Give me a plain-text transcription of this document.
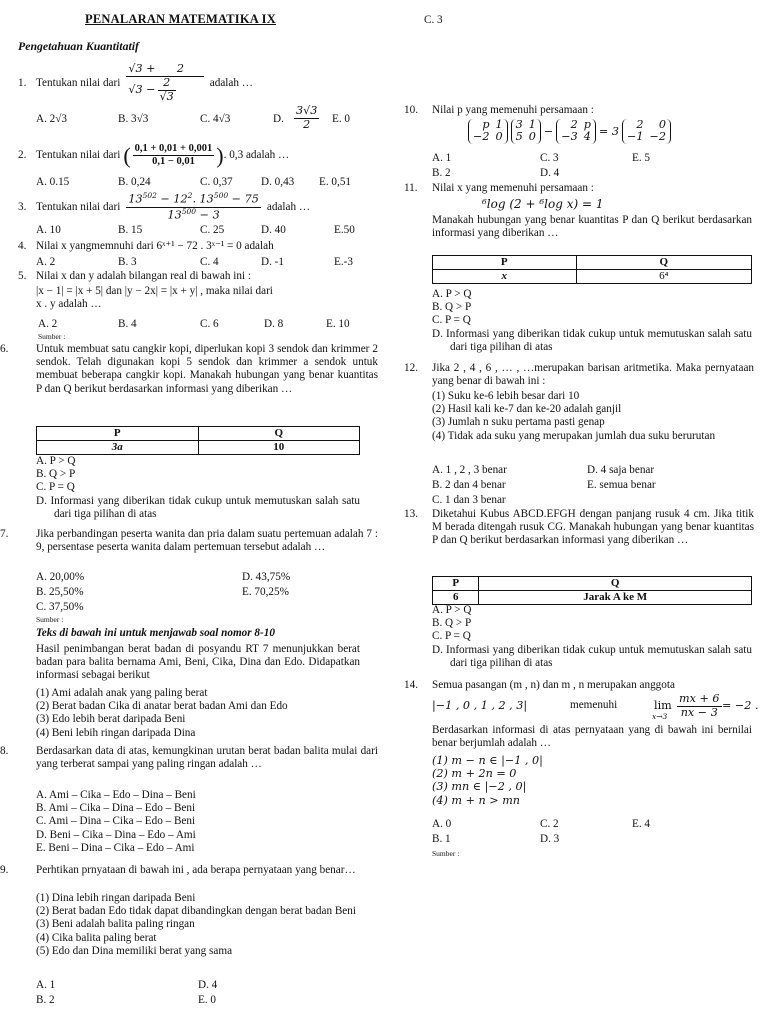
PENALARAN MATEMATIKA IX
Pengetahuan Kuantitatif
1. Tentukan nilai dari $\frac{√3 + 2}{√3 - \frac{2}{√3}}$ adalah …
A. 2√3	B. 3√3	C. 4√3	D. $\frac{3√3}{2} E$. 0
2. Tentukan nilai dari ( $\frac{0,1 + 0,01 + 0,001}{0,1 - 0,01}$ ) . 0,3 adalah …
A. 0.15	B. 0,24	C. 0,37	D. 0,43 E. 0,51
3. Tentukan nilai dari $\frac{13^{502} - 12^2. 13^{500} - 75}{13^{500} - 3}$ adalah …
A. 10	B. 15	C. 25	D. 40	E.50
4. Nilai x yangmemnuhi dari 6ˣ⁺¹ − 72 . 3ˣ⁻¹ = 0 adalah
A. 2	B. 3	C. 4	D. -1	E.-3
5. Nilai x dan y adalah bilangan real di bawah ini :
|x − 1| = |x + 5| dan |y − 2x| = |x + y| , maka nilai dari
x . y adalah …
A. 2	B. 4	C. 6	D. 8	E. 10
Sumber :
6. Untuk membuat satu cangkir kopi, diperlukan kopi 3 sendok dan krimmer 2 sendok. Telah digunakan kopi 5 sendok dan krimmer a sendok untuk membuat beberapa cangkir kopi. Manakah hubungan yang benar kuantitas P dan Q berikut berdasarkan informasi yang diberikan …
P	Q
3a	10
A. P > Q
B. Q > P
C. P = Q
D. Informasi yang diberikan tidak cukup untuk memutuskan salah satu dari tiga pilihan di atas
7. Jika perbandingan peserta wanita dan pria dalam suatu pertemuan adalah 7 : 9, persentase peserta wanita dalam pertemuan tersebut adalah …
A. 20,00%	D. 43,75%
B. 25,50%	E. 70,25%
C. 37,50%
Sumber :
Teks di bawah ini untuk menjawab soal nomor 8-10
Hasil penimbangan berat badan di posyandu RT 7 menunjukkan berat badan para balita bernama Ami, Beni, Cika, Dina dan Edo. Didapatkan informasi sebagai berikut
(1) Ami adalah anak yang paling berat
(2) Berat badan Cika di anatar berat badan Ami dan Edo
(3) Edo lebih berat daripada Beni
(4) Beni lebih ringan daripada Dina
8. Berdasarkan data di atas, kemungkinan urutan berat badan balita mulai dari yang terberat sampai yang paling ringan adalah …
A. Ami – Cika – Edo – Dina – Beni
B. Ami – Cika – Dina – Edo – Beni
C. Ami – Dina – Cika – Edo – Beni
D. Beni – Cika – Dina – Edo – Ami
E. Beni – Dina – Cika – Edo – Ami
9. Perhtikan prnyataan di bawah ini , ada berapa pernyataan yang benar…
(1) Dina lebih ringan daripada Beni
(2) Berat badan Edo tidak dapat dibandingkan dengan berat badan Beni
(3) Beni adalah balita paling ringan
(4) Cika balita paling berat
(5) Edo dan Dina memiliki berat yang sama
A. 1	D. 4
B. 2	E. 0
C. 3
10. Nilai p yang memenuhi persamaan :
p 1
−2 0
3 1
5 0 −
2 p
−3 4 = 3
2	0
−1 −2
A. 1	C. 3	E. 5
B. 2	D. 4
11. Nilai x yang memenuhi persamaan :
⁶log (2 + ⁶log x) = 1
Manakah hubungan yang benar kuantitas P dan Q berikut berdasarkan informasi yang diberikan …
P	Q
x	6⁴
A. P > Q
B. Q > P
C. P = Q
D. Informasi yang diberikan tidak cukup untuk memutuskan salah satu dari tiga pilihan di atas
12. Jika 2 , 4 , 6 , … , …merupakan barisan aritmetika. Maka pernyataan yang benar di bawah ini :
(1) Suku ke-6 lebih besar dari 10
(2) Hasil kali ke-7 dan ke-20 adalah ganjil
(3) Jumlah n suku pertama pasti genap
(4) Tidak ada suku yang merupakan jumlah dua suku berurutan
A. 1 , 2 , 3 benar	D. 4 saja benar
B. 2 dan 4 benar	E. semua benar
C. 1 dan 3 benar
13. Diketahui Kubus ABCD.EFGH dengan panjang rusuk 4 cm. Jika titik M berada ditengah rusuk CG. Manakah hubungan yang benar kuantitas P dan Q berikut berdasarkan informasi yang diberikan …
P	Q
6	Jarak A ke M
A. P > Q
B. Q > P
C. P = Q
D. Informasi yang diberikan tidak cukup untuk memutuskan salah satu dari tiga pilihan di atas
14. Semua pasangan (m , n) dan m , n merupakan anggota
|−1 , 0 , 1 , 2 , 3|	memenuhi	lim
$x\to 3 \frac{mx + 6}{nx - 3} = -2$ .
Berdasarkan informasi di atas pernyataan yang di bawah ini bernilai benar berjumlah adalah …
(1) m − n ∈ |−1 , 0|
(2) m + 2n = 0
(3) mn ∈ |−2 , 0|
(4) m + n > mn
A. 0	C. 2	E. 4
B. 1	D. 3
Sumber :
